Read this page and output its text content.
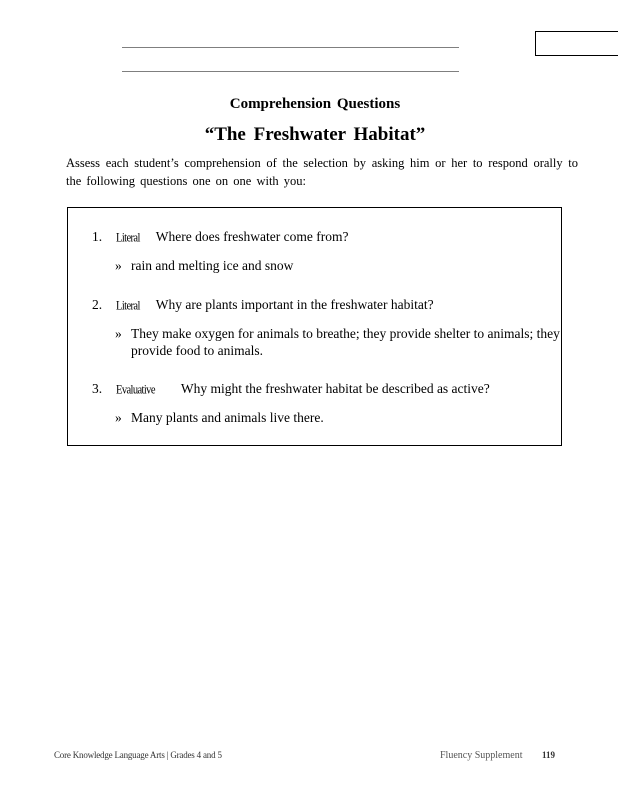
Comprehension Questions
“The Freshwater Habitat”
Assess each student’s comprehension of the selection by asking him or her to respond orally to the following questions one on one with you:
1. Literal Where does freshwater come from?
» rain and melting ice and snow
2. Literal Why are plants important in the freshwater habitat?
» They make oxygen for animals to breathe; they provide shelter to animals; they provide food to animals.
3. Evaluative Why might the freshwater habitat be described as active?
» Many plants and animals live there.
Core Knowledge Language Arts | Grades 4 and 5	Fluency Supplement 119
